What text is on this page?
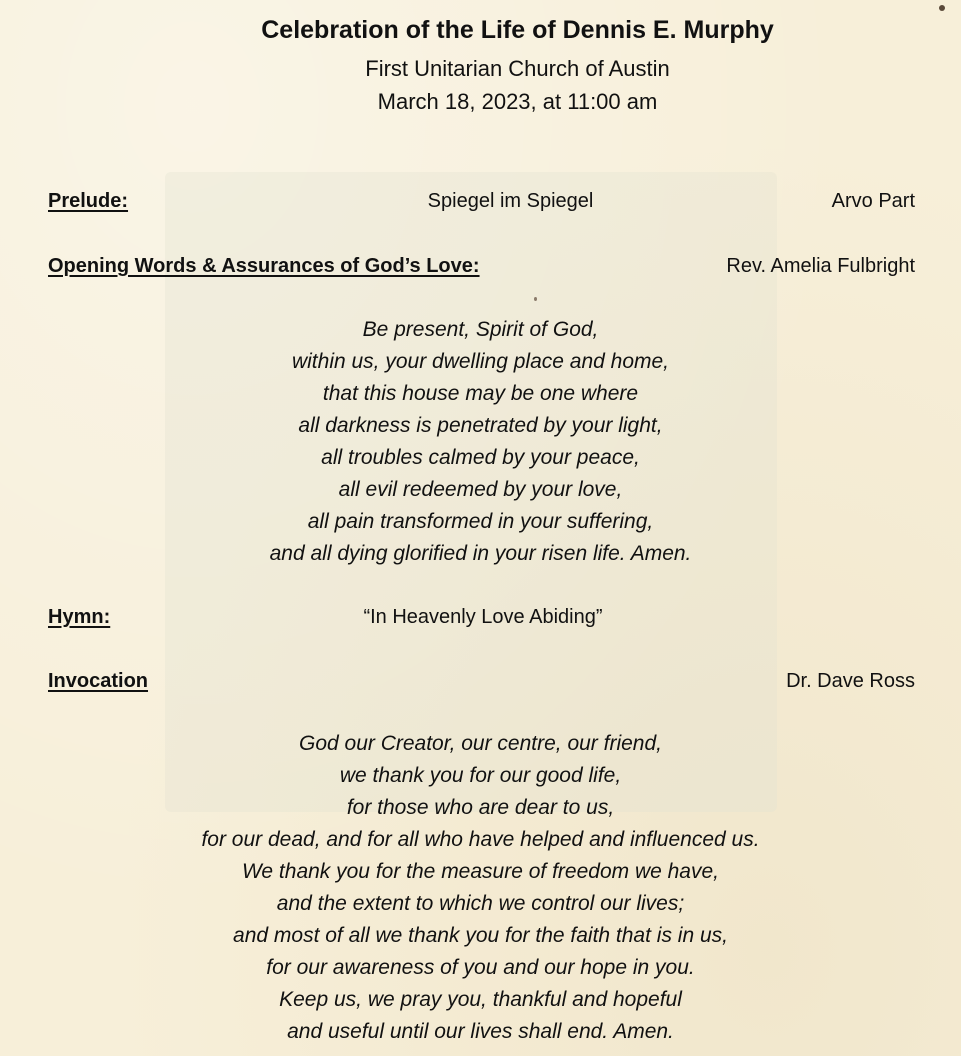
Celebration of the Life of Dennis E. Murphy
First Unitarian Church of Austin
March 18, 2023, at 11:00 am
Prelude:	Spiegel im Spiegel	Arvo Part
Opening Words & Assurances of God’s Love:	Rev. Amelia Fulbright
Be present, Spirit of God,
within us, your dwelling place and home,
that this house may be one where
all darkness is penetrated by your light,
all troubles calmed by your peace,
all evil redeemed by your love,
all pain transformed in your suffering,
and all dying glorified in your risen life. Amen.
Hymn:	“In Heavenly Love Abiding”
Invocation	Dr. Dave Ross
God our Creator, our centre, our friend,
we thank you for our good life,
for those who are dear to us,
for our dead, and for all who have helped and influenced us.
We thank you for the measure of freedom we have,
and the extent to which we control our lives;
and most of all we thank you for the faith that is in us,
for our awareness of you and our hope in you.
Keep us, we pray you, thankful and hopeful
and useful until our lives shall end. Amen.
